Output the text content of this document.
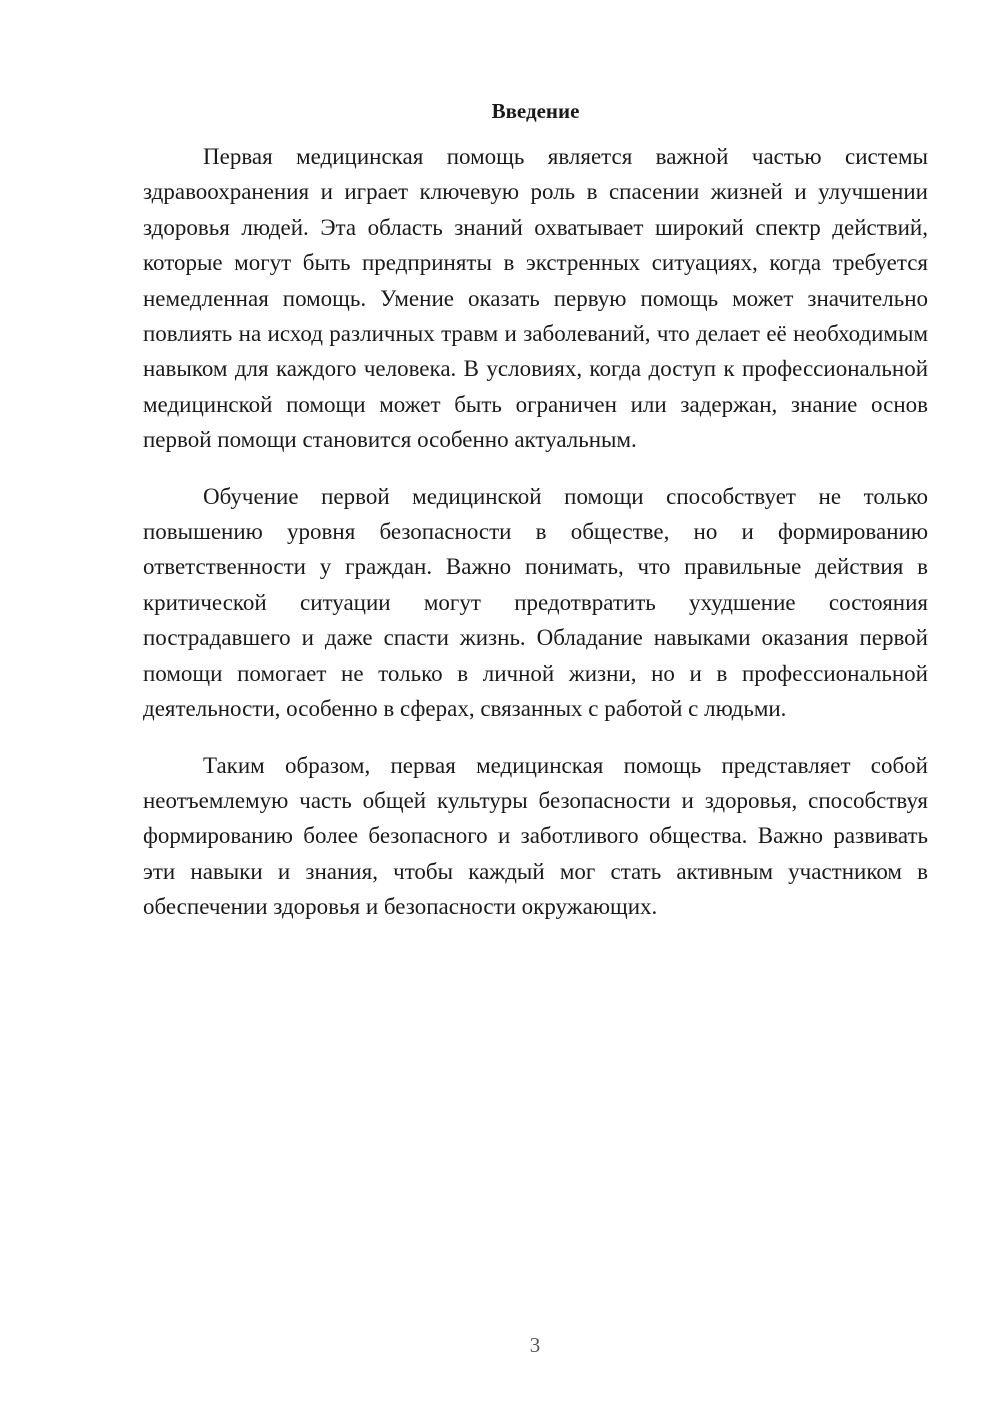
Введение

Первая медицинская помощь является важной частью системы здравоохранения и играет ключевую роль в спасении жизней и улучшении здоровья людей. Эта область знаний охватывает широкий спектр действий, которые могут быть предприняты в экстренных ситуациях, когда требуется немедленная помощь. Умение оказать первую помощь может значительно повлиять на исход различных травм и заболеваний, что делает её необходимым навыком для каждого человека. В условиях, когда доступ к профессиональной медицинской помощи может быть ограничен или задержан, знание основ первой помощи становится особенно актуальным.

Обучение первой медицинской помощи способствует не только повышению уровня безопасности в обществе, но и формированию ответственности у граждан. Важно понимать, что правильные действия в критической ситуации могут предотвратить ухудшение состояния пострадавшего и даже спасти жизнь. Обладание навыками оказания первой помощи помогает не только в личной жизни, но и в профессиональной деятельности, особенно в сферах, связанных с работой с людьми.

Таким образом, первая медицинская помощь представляет собой неотъемлемую часть общей культуры безопасности и здоровья, способствуя формированию более безопасного и заботливого общества. Важно развивать эти навыки и знания, чтобы каждый мог стать активным участником в обеспечении здоровья и безопасности окружающих.

3
